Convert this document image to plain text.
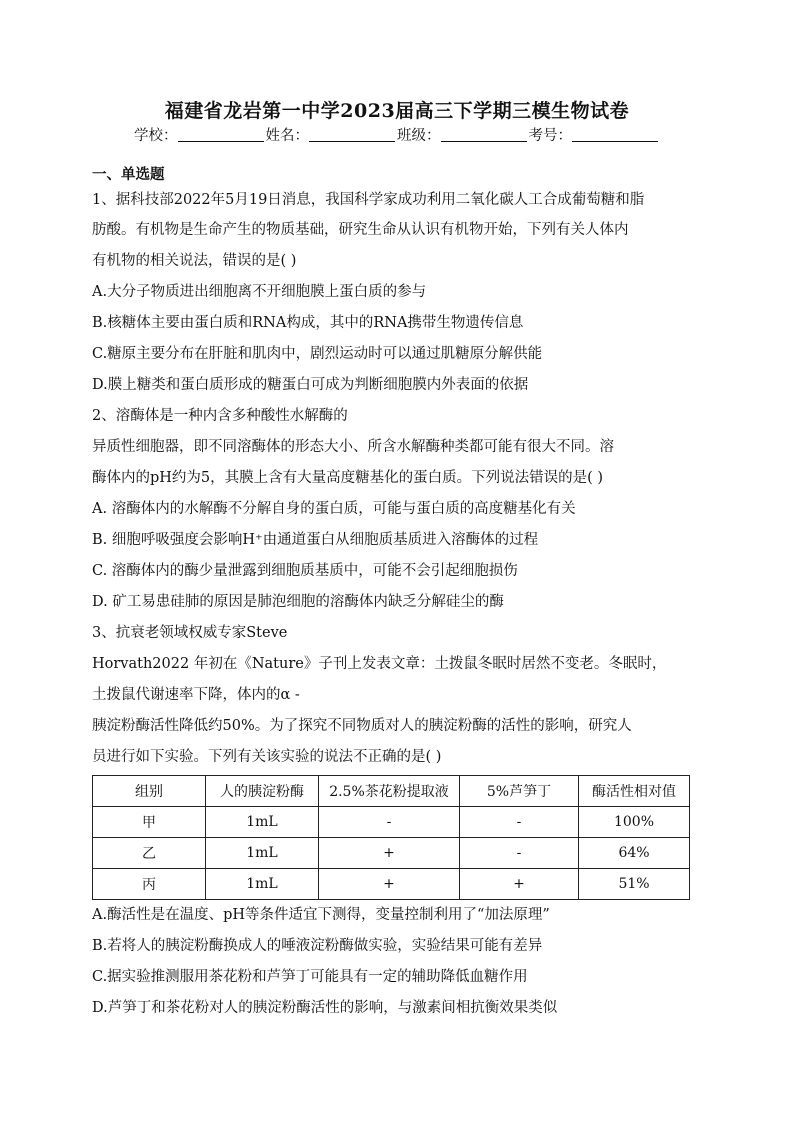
福建省龙岩第一中学2023届高三下学期三模生物试卷
学校：	姓名：	班级：	考号：
一、单选题
1、据科技部2022年5月19日消息，我国科学家成功利用二氧化碳人工合成葡萄糖和脂
肪酸。有机物是生命产生的物质基础，研究生命从认识有机物开始，下列有关人体内
有机物的相关说法，错误的是( )
A.大分子物质进出细胞离不开细胞膜上蛋白质的参与
B.核糖体主要由蛋白质和RNA构成，其中的RNA携带生物遗传信息
C.糖原主要分布在肝脏和肌肉中，剧烈运动时可以通过肌糖原分解供能
D.膜上糖类和蛋白质形成的糖蛋白可成为判断细胞膜内外表面的依据
2、溶酶体是一种内含多种酸性水解酶的
异质性细胞器，即不同溶酶体的形态大小、所含水解酶种类都可能有很大不同。溶
酶体内的pH约为5，其膜上含有大量高度糖基化的蛋白质。下列说法错误的是( )
A. 溶酶体内的水解酶不分解自身的蛋白质，可能与蛋白质的高度糖基化有关
B. 细胞呼吸强度会影响H⁺由通道蛋白从细胞质基质进入溶酶体的过程
C. 溶酶体内的酶少量泄露到细胞质基质中，可能不会引起细胞损伤
D. 矿工易患硅肺的原因是肺泡细胞的溶酶体内缺乏分解硅尘的酶
3、抗衰老领域权威专家Steve
Horvath2022 年初在《Nature》子刊上发表文章：土拨鼠冬眠时居然不变老。冬眠时，
土拨鼠代谢速率下降，体内的α -
胰淀粉酶活性降低约50%。为了探究不同物质对人的胰淀粉酶的活性的影响，研究人
员进行如下实验。下列有关该实验的说法不正确的是( )
组别	人的胰淀粉酶	2.5%茶花粉提取液	5%芦笋丁	酶活性相对值
甲	1mL	-	-	100%
乙	1mL	+	-	64%
丙	1mL	+	+	51%
A.酶活性是在温度、pH等条件适宜下测得，变量控制利用了“加法原理”
B.若将人的胰淀粉酶换成人的唾液淀粉酶做实验，实验结果可能有差异
C.据实验推测服用茶花粉和芦笋丁可能具有一定的辅助降低血糖作用
D.芦笋丁和茶花粉对人的胰淀粉酶活性的影响，与激素间相抗衡效果类似
